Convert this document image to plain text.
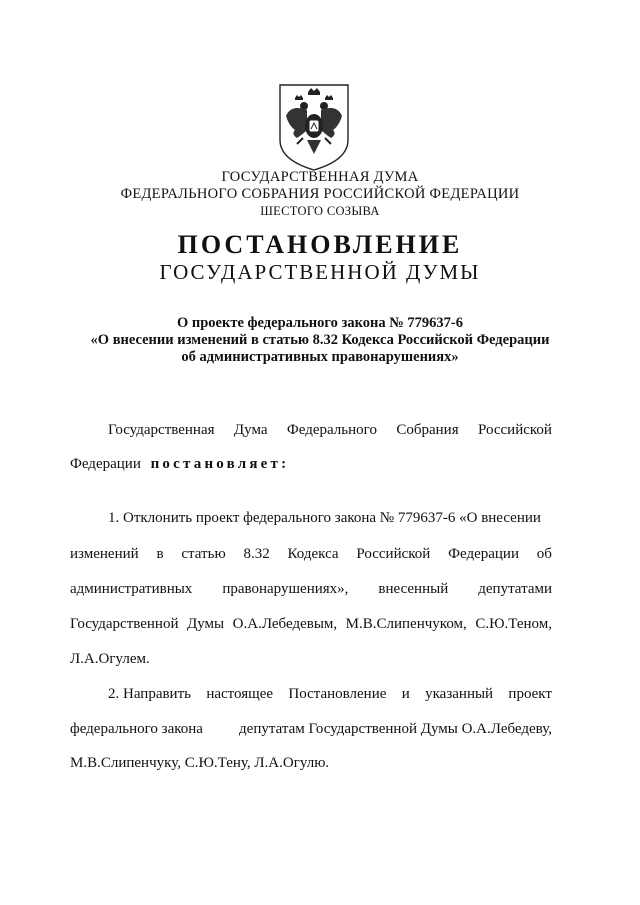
ГОСУДАРСТВЕННАЯ ДУМА
ФЕДЕРАЛЬНОГО СОБРАНИЯ РОССИЙСКОЙ ФЕДЕРАЦИИ
ШЕСТОГО СОЗЫВА
ПОСТАНОВЛЕНИЕ
ГОСУДАРСТВЕННОЙ ДУМЫ
О проекте федерального закона № 779637-6
«О внесении изменений в статью 8.32 Кодекса Российской Федерации
об административных правонарушениях»
Государственная Дума Федерального Собрания Российской
Федерации постановляет:
1. Отклонить проект федерального закона № 779637-6 «О внесении
изменений в статью 8.32 Кодекса Российской Федерации об
административных правонарушениях», внесенный депутатами
Государственной Думы О.А.Лебедевым, М.В.Слипенчуком, С.Ю.Теном,
Л.А.Огулем.
2. Направить настоящее Постановление и указанный проект
федерального закона депутатам Государственной Думы О.А.Лебедеву,
М.В.Слипенчуку, С.Ю.Тену, Л.А.Огулю.
